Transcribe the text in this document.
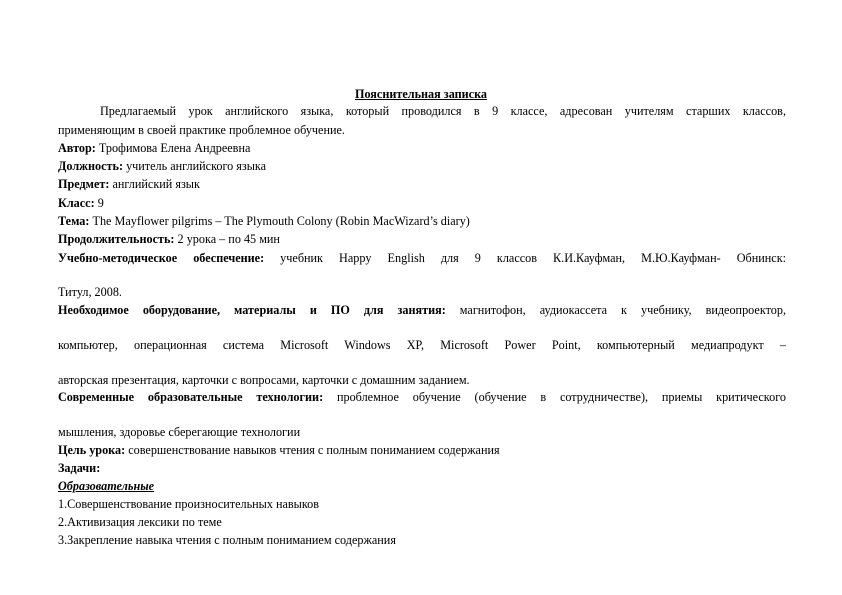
Пояснительная записка
Предлагаемый урок английского языка, который проводился в 9 классе, адресован учителям старших классов,
применяющим в своей практике проблемное обучение.
Автор: Трофимова Елена Андреевна
Должность: учитель английского языка
Предмет: английский язык
Класс: 9
Тема: The Mayflower pilgrims – The Plymouth Colony (Robin MacWizard’s diary)
Продолжительность: 2 урока – по 45 мин
Учебно-методическое обеспечение: учебник Happy English для 9 классов К.И.Кауфман, М.Ю.Кауфман- Обнинск:
Титул, 2008.
Необходимое оборудование, материалы и ПО для занятия: магнитофон, аудиокассета к учебнику, видеопроектор,
компьютер, операционная система Microsoft Windows XP, Microsoft Power Point, компьютерный медиапродукт –
авторская презентация, карточки с вопросами, карточки с домашним заданием.
Современные образовательные технологии: проблемное обучение (обучение в сотрудничестве), приемы критического
мышления, здоровье сберегающие технологии
Цель урока: совершенствование навыков чтения с полным пониманием содержания
Задачи:
Образовательные
1.Совершенствование произносительных навыков
2.Активизация лексики по теме
3.Закрепление навыка чтения с полным пониманием содержания
